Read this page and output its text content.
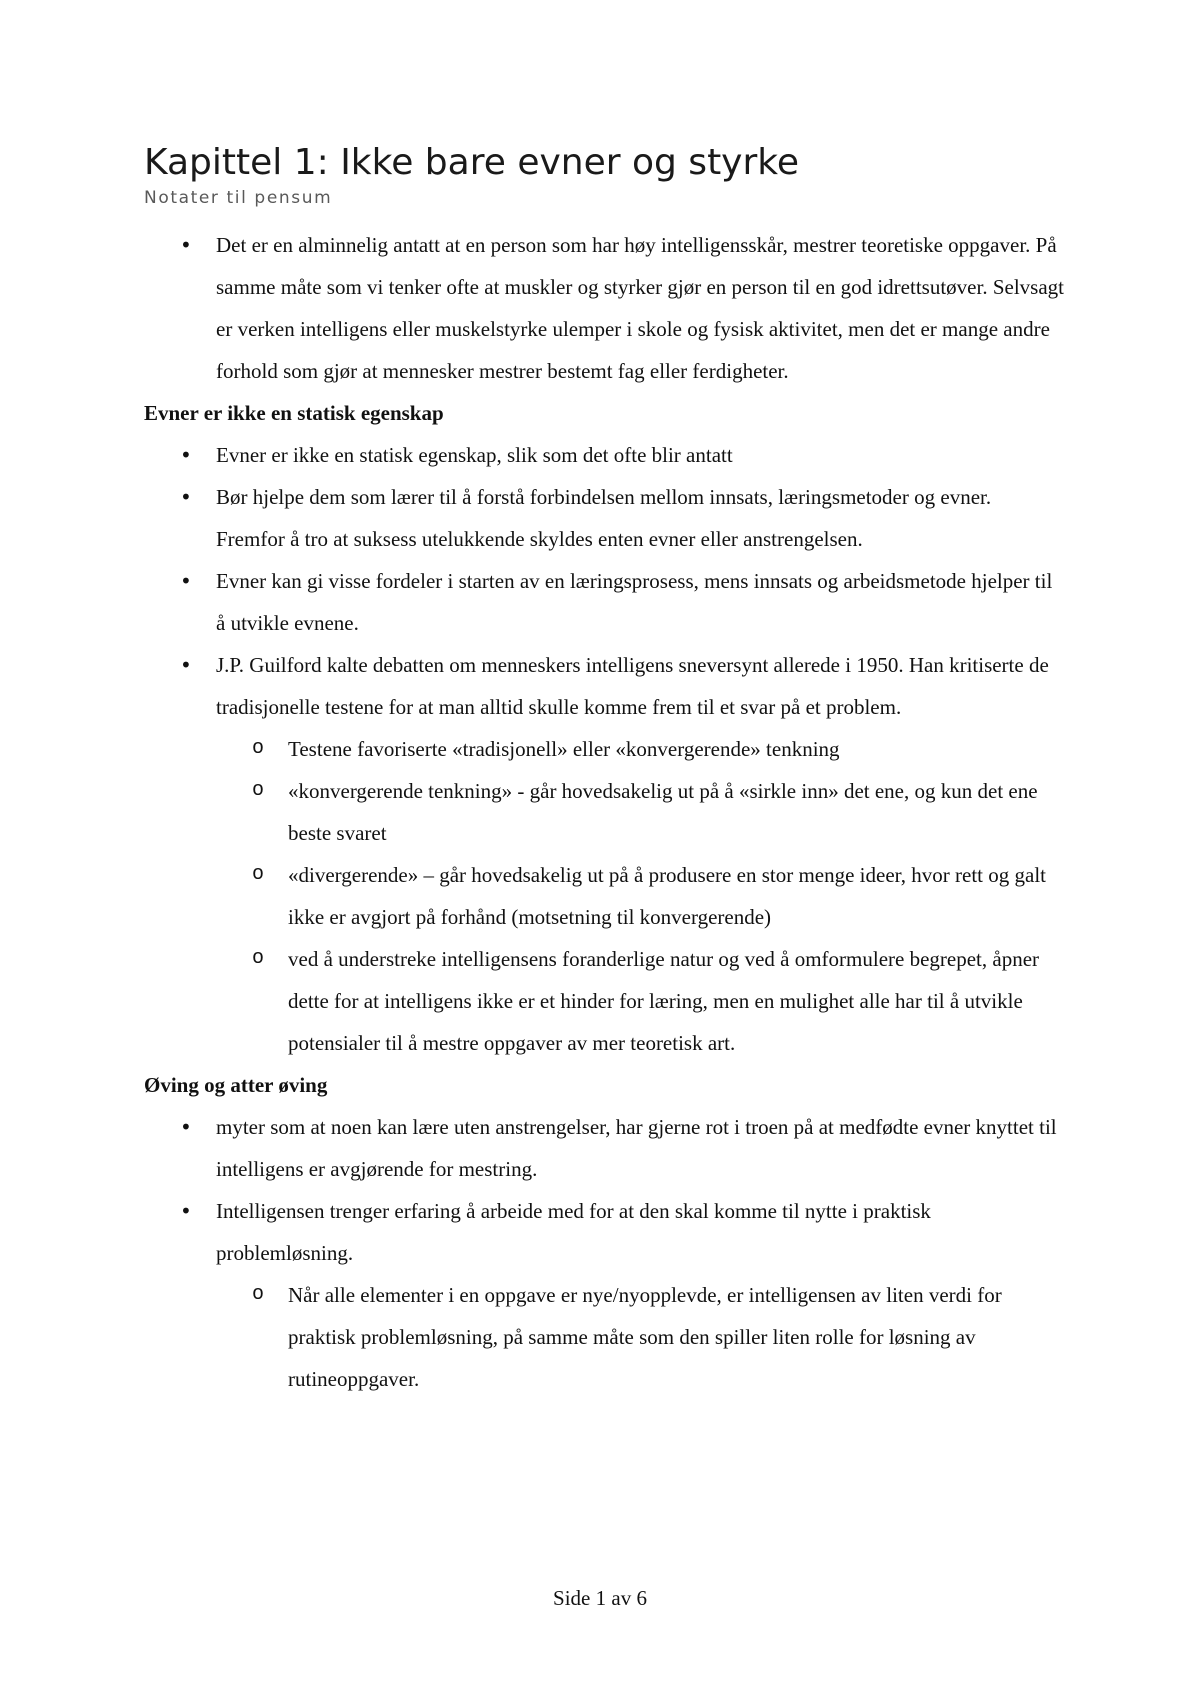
Kapittel 1: Ikke bare evner og styrke

Notater til pensum

• Det er en alminnelig antatt at en person som har høy intelligensskår, mestrer teoretiske oppgaver. På samme måte som vi tenker ofte at muskler og styrker gjør en person til en god idrettsutøver. Selvsagt er verken intelligens eller muskelstyrke ulemper i skole og fysisk aktivitet, men det er mange andre forhold som gjør at mennesker mestrer bestemt fag eller ferdigheter.

Evner er ikke en statisk egenskap

• Evner er ikke en statisk egenskap, slik som det ofte blir antatt
• Bør hjelpe dem som lærer til å forstå forbindelsen mellom innsats, læringsmetoder og evner. Fremfor å tro at suksess utelukkende skyldes enten evner eller anstrengelsen.
• Evner kan gi visse fordeler i starten av en læringsprosess, mens innsats og arbeidsmetode hjelper til å utvikle evnene.
• J.P. Guilford kalte debatten om menneskers intelligens sneversynt allerede i 1950. Han kritiserte de tradisjonelle testene for at man alltid skulle komme frem til et svar på et problem.
o Testene favoriserte «tradisjonell» eller «konvergerende» tenkning
o «konvergerende tenkning» - går hovedsakelig ut på å «sirkle inn» det ene, og kun det ene beste svaret
o «divergerende» – går hovedsakelig ut på å produsere en stor menge ideer, hvor rett og galt ikke er avgjort på forhånd (motsetning til konvergerende)
o ved å understreke intelligensens foranderlige natur og ved å omformulere begrepet, åpner dette for at intelligens ikke er et hinder for læring, men en mulighet alle har til å utvikle potensialer til å mestre oppgaver av mer teoretisk art.

Øving og atter øving

• myter som at noen kan lære uten anstrengelser, har gjerne rot i troen på at medfødte evner knyttet til intelligens er avgjørende for mestring.
• Intelligensen trenger erfaring å arbeide med for at den skal komme til nytte i praktisk problemløsning.
o Når alle elementer i en oppgave er nye/nyopplevde, er intelligensen av liten verdi for praktisk problemløsning, på samme måte som den spiller liten rolle for løsning av rutineoppgaver.
Side 1 av 6
